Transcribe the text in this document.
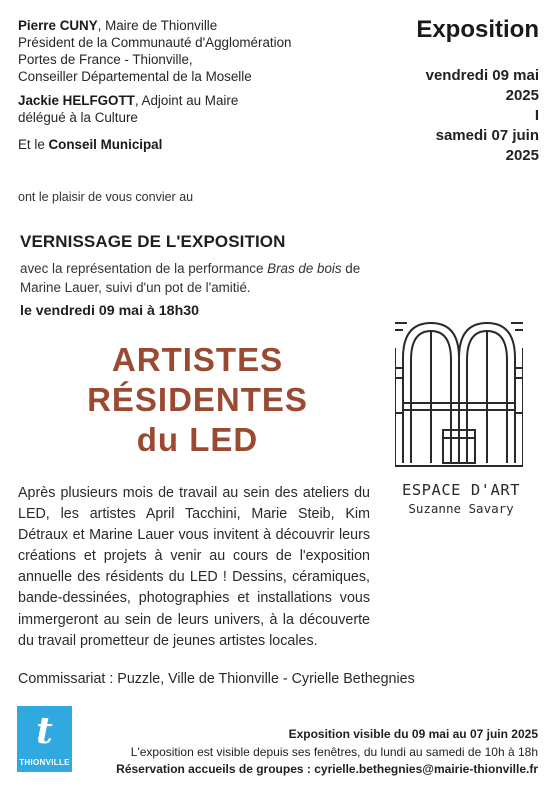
Pierre CUNY, Maire de Thionville

Président de la Communauté d'Agglomération

Portes de France - Thionville,

Conseiller Départemental de la Moselle

Jackie HELFGOTT, Adjoint au Maire

délégué à la Culture

Et le Conseil Municipal

Exposition
vendredi 09 mai
2025
I
samedi 07 juin
2025
ont le plaisir de vous convier au
VERNISSAGE DE L'EXPOSITION
avec la représentation de la performance Bras de bois de Marine Lauer, suivi d'un pot de l'amitié.
le vendredi 09 mai à 18h30
ARTISTES
RÉSIDENTES
du LED
ESPACE D'ART
Suzanne Savary
Après plusieurs mois de travail au sein des ateliers du LED, les artistes April Tacchini, Marie Steib, Kim Détraux et Marine Lauer vous invitent à découvrir leurs créations et projets à venir au cours de l'exposition annuelle des résidents du LED ! Dessins, céramiques, bande-dessinées, photographies et installations vous immergeront au sein de leurs univers, à la découverte du travail prometteur de jeunes artistes locales.
Commissariat : Puzzle, Ville de Thionville - Cyrielle Bethegnies
t
THIONVILLE
Exposition visible du 09 mai au 07 juin 2025
L'exposition est visible depuis ses fenêtres, du lundi au samedi de 10h à 18h
Réservation accueils de groupes : cyrielle.bethegnies@mairie-thionville.fr
